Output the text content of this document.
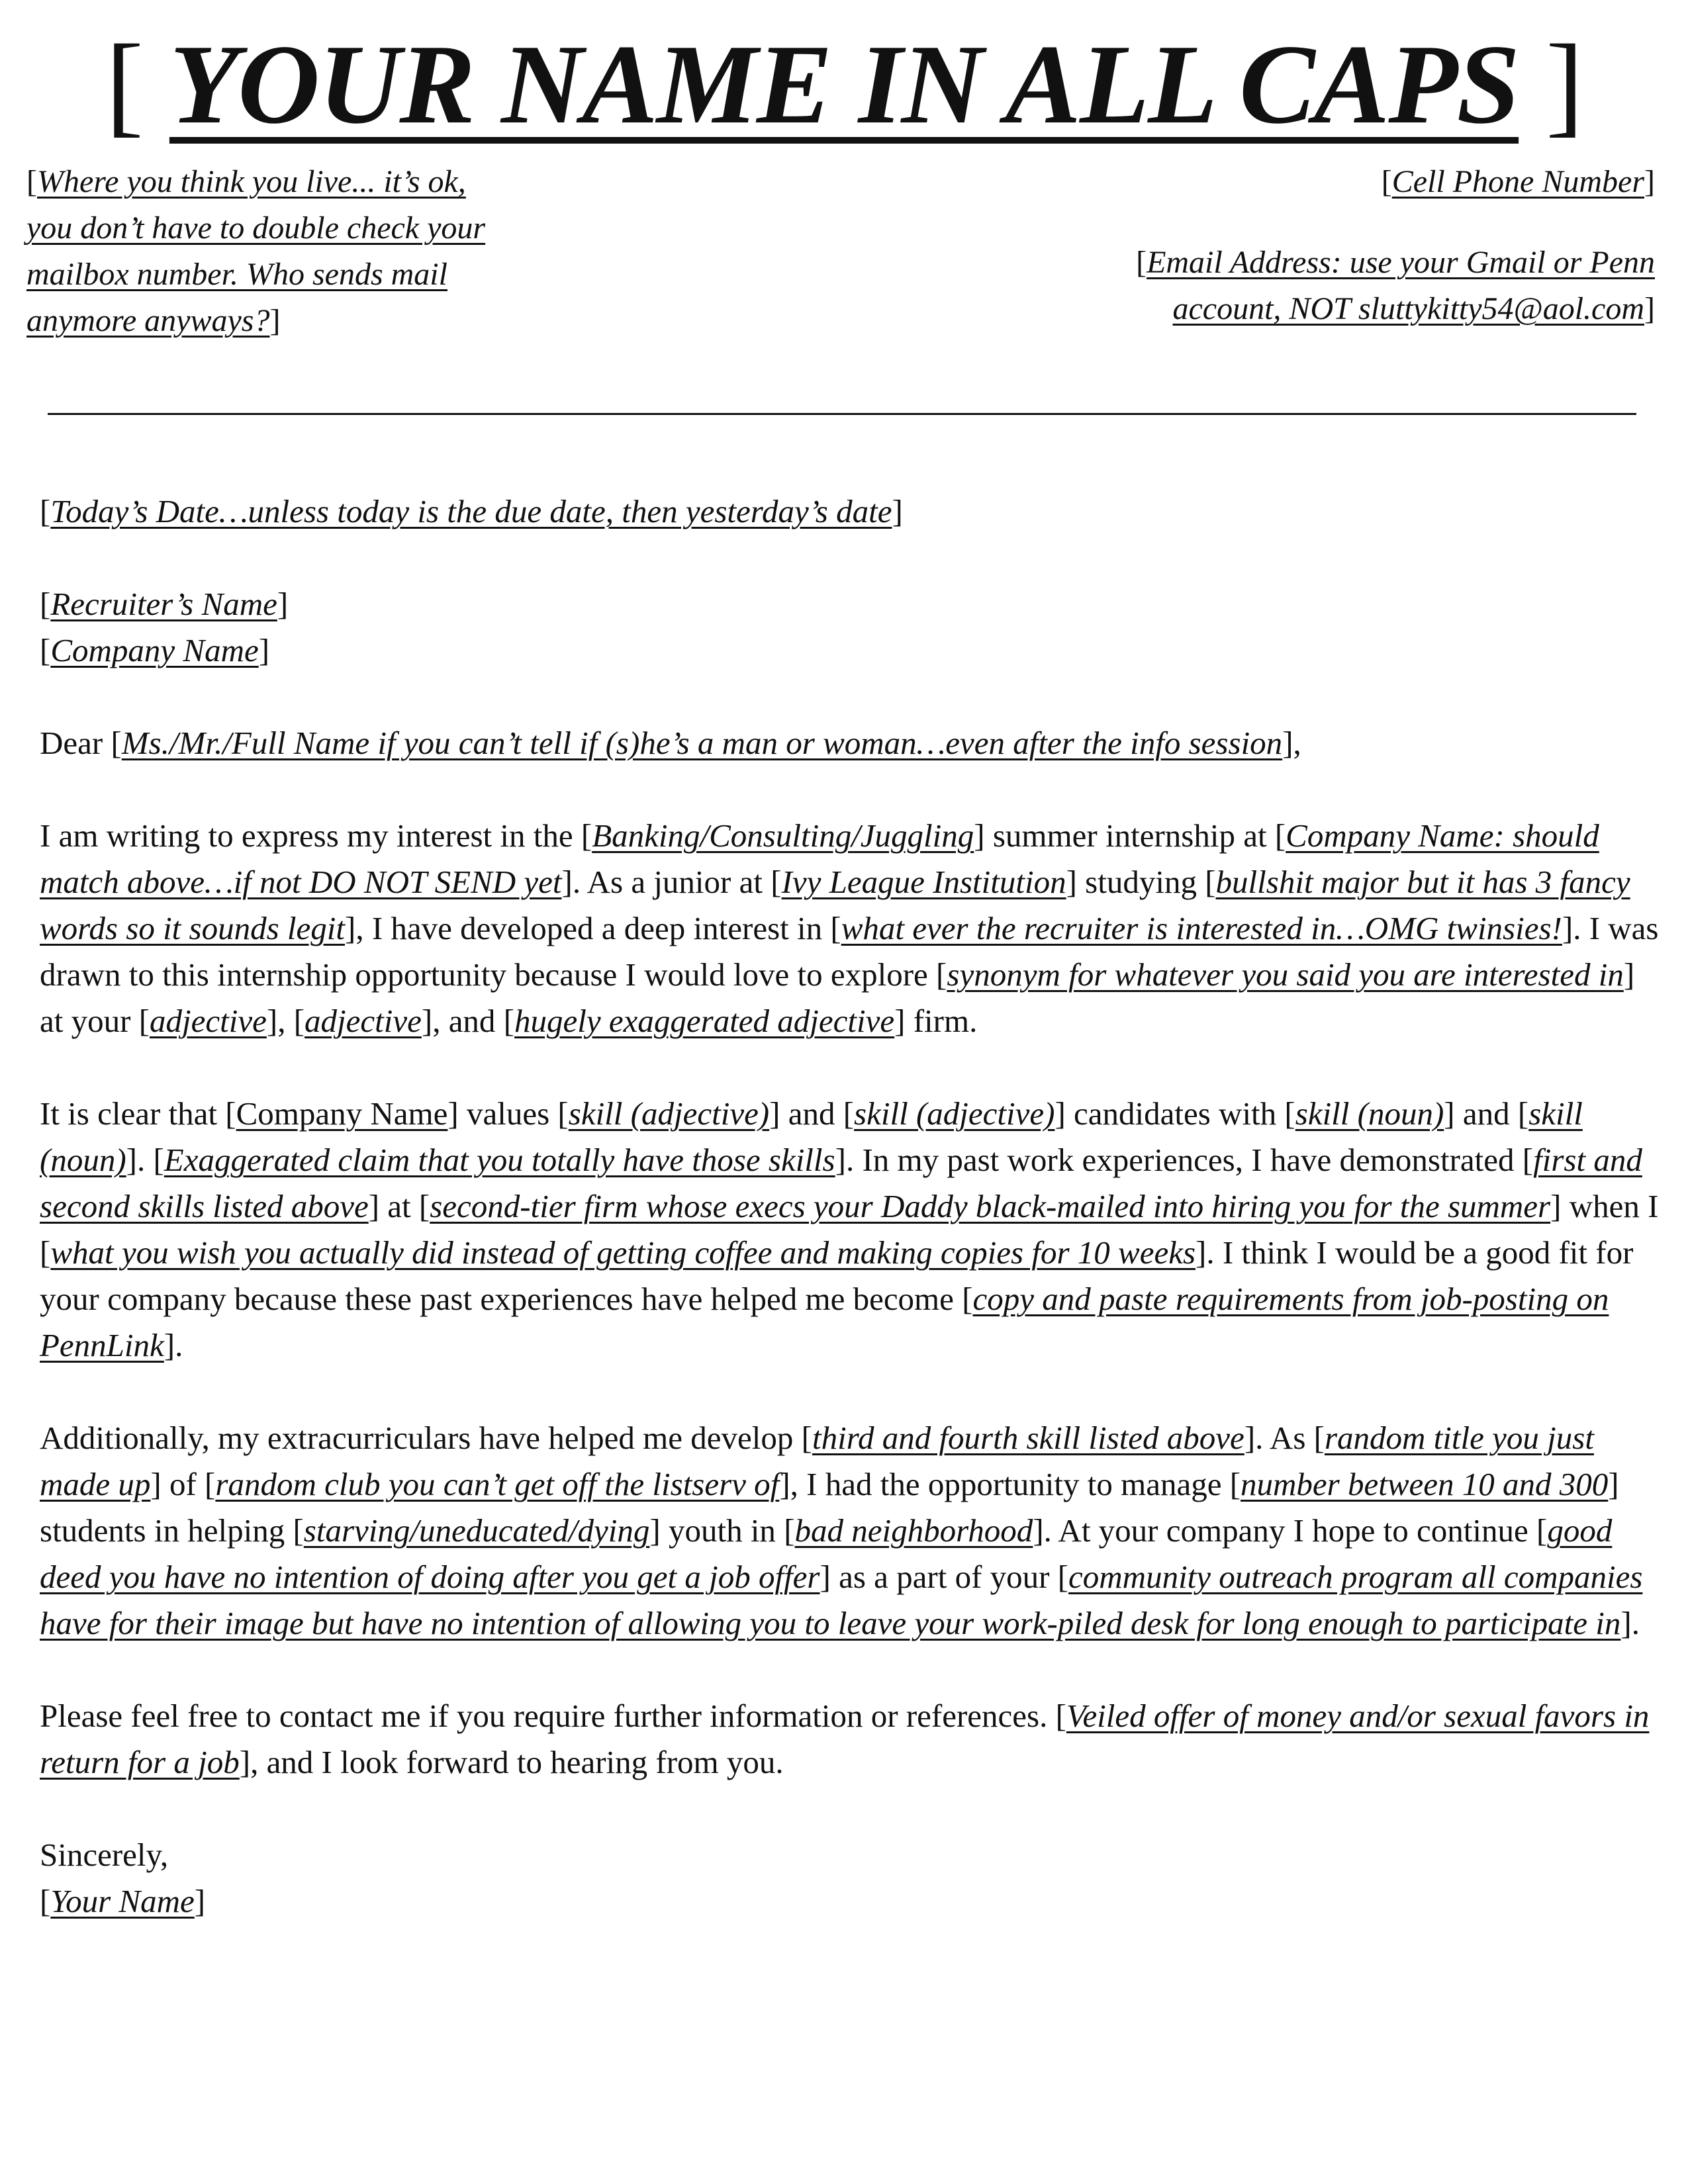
[ YOUR NAME IN ALL CAPS ]
[Where you think you live... it’s ok, you don’t have to double check your mailbox number. Who sends mail anymore anyways?]
[Cell Phone Number]
[Email Address: use your Gmail or Penn account, NOT sluttykitty54@aol.com]

[Today’s Date…unless today is the due date, then yesterday’s date]

[Recruiter’s Name]

[Company Name]

Dear [Ms./Mr./Full Name if you can’t tell if (s)he’s a man or woman…even after the info session],

I am writing to express my interest in the [Banking/Consulting/Juggling] summer internship at [Company Name: should match above…if not DO NOT SEND yet]. As a junior at [Ivy League Institution] studying [bullshit major but it has 3 fancy words so it sounds legit], I have developed a deep interest in [what ever the recruiter is interested in…OMG twinsies!]. I was drawn to this internship opportunity because I would love to explore [synonym for whatever you said you are interested in] at your [adjective], [adjective], and [hugely exaggerated adjective] firm.

It is clear that [Company Name] values [skill (adjective)] and [skill (adjective)] candidates with [skill (noun)] and [skill (noun)]. [Exaggerated claim that you totally have those skills]. In my past work experiences, I have demonstrated [first and second skills listed above] at [second-tier firm whose execs your Daddy black-mailed into hiring you for the summer] when I [what you wish you actually did instead of getting coffee and making copies for 10 weeks]. I think I would be a good fit for your company because these past experiences have helped me become [copy and paste requirements from job-posting on PennLink].

Additionally, my extracurriculars have helped me develop [third and fourth skill listed above]. As [random title you just made up] of [random club you can’t get off the listserv of], I had the opportunity to manage [number between 10 and 300] students in helping [starving/uneducated/dying] youth in [bad neighborhood]. At your company I hope to continue [good deed you have no intention of doing after you get a job offer] as a part of your [community outreach program all companies have for their image but have no intention of allowing you to leave your work-piled desk for long enough to participate in].

Please feel free to contact me if you require further information or references. [Veiled offer of money and/or sexual favors in return for a job], and I look forward to hearing from you.

Sincerely,

[Your Name]
